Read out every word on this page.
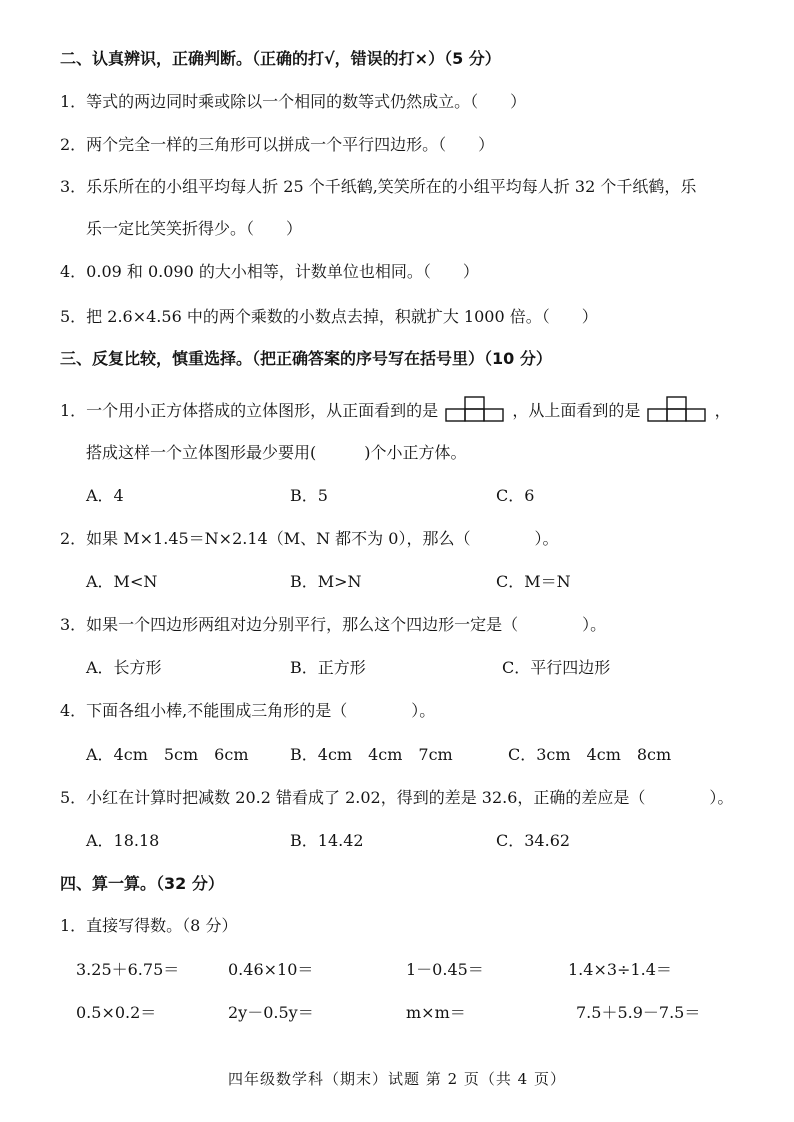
二、认真辨识，正确判断。（正确的打√，错误的打×）（5 分）
1．等式的两边同时乘或除以一个相同的数等式仍然成立。（　　）
2．两个完全一样的三角形可以拼成一个平行四边形。（　　）
3．乐乐所在的小组平均每人折 25 个千纸鹤,笑笑所在的小组平均每人折 32 个千纸鹤，乐
乐一定比笑笑折得少。（　　）
4．0.09 和 0.090 的大小相等，计数单位也相同。（　　）
5．把 2.6×4.56 中的两个乘数的小数点去掉，积就扩大 1000 倍。（　　）
三、反复比较，慎重选择。（把正确答案的序号写在括号里）（10 分）
1．一个用小正方体搭成的立体图形，从正面看到的是	，从上面看到的是	，
搭成这样一个立体图形最少要用(　　　)个小正方体。
A．4	B．5	C．6
2．如果 M×1.45＝N×2.14（M、N 都不为 0），那么（　　　　）。
A．M<N	B．M>N	C．M＝N
3．如果一个四边形两组对边分别平行，那么这个四边形一定是（　　　　）。
A．长方形	B．正方形	C．平行四边形
4．下面各组小棒,不能围成三角形的是（　　　　）。
A．4cm　5cm　6cm	B．4cm　4cm　7cm	C．3cm　4cm　8cm
5．小红在计算时把减数 20.2 错看成了 2.02，得到的差是 32.6，正确的差应是（　　　　）。
A．18.18	B．14.42	C．34.62
四、算一算。（32 分）
1．直接写得数。（8 分）
3.25＋6.75＝	0.46×10＝	1－0.45＝	1.4×3÷1.4＝
0.5×0.2＝	2y－0.5y＝	m×m＝	7.5＋5.9－7.5＝
四年级数学科（期末）试题 第 2 页（共 4 页）
